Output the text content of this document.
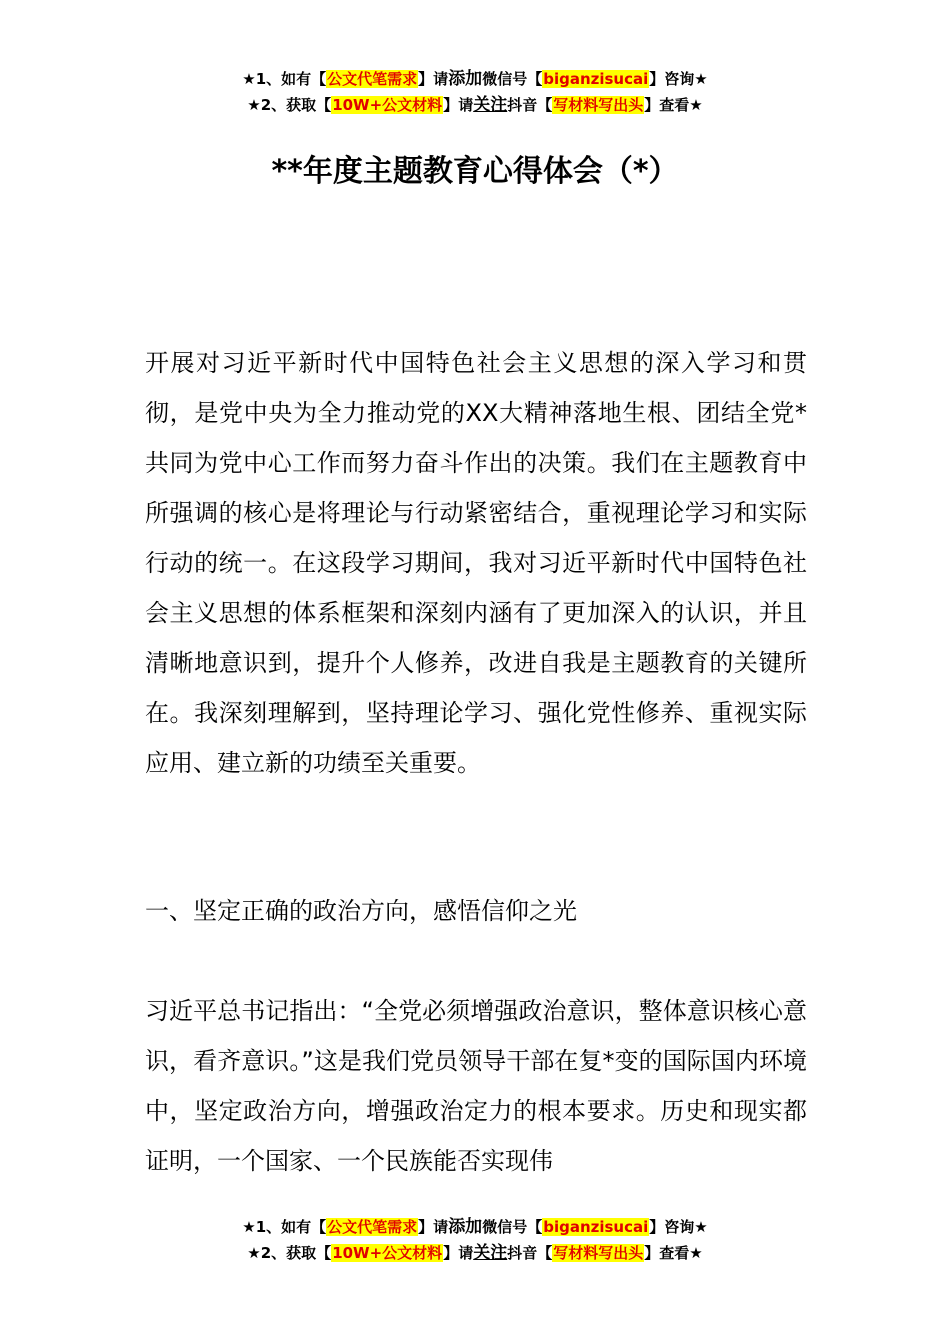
★1、如有【公文代笔需求】请添加微信号【biganzisucai】咨询★
★2、获取【10W+公文材料】请关注抖音【写材料写出头】查看★
**年度主题教育心得体会（*）

开展对习近平新时代中国特色社会主义思想的深入学习和贯彻，是党中央为全力推动党的XX大精神落地生根、团结全党*共同为党中心工作而努力奋斗作出的决策。我们在主题教育中所强调的核心是将理论与行动紧密结合，重视理论学习和实际行动的统一。在这段学习期间，我对习近平新时代中国特色社会主义思想的体系框架和深刻内涵有了更加深入的认识，并且清晰地意识到，提升个人修养，改进自我是主题教育的关键所在。我深刻理解到，坚持理论学习、强化党性修养、重视实际应用、建立新的功绩至关重要。

一、坚定正确的政治方向，感悟信仰之光

习近平总书记指出：“全党必须增强政治意识，整体意识核心意识，看齐意识。”这是我们党员领导干部在复*变的国际国内环境中，坚定政治方向，增强政治定力的根本要求。历史和现实都证明，一个国家、一个民族能否实现伟

★1、如有【公文代笔需求】请添加微信号【biganzisucai】咨询★
★2、获取【10W+公文材料】请关注抖音【写材料写出头】查看★
